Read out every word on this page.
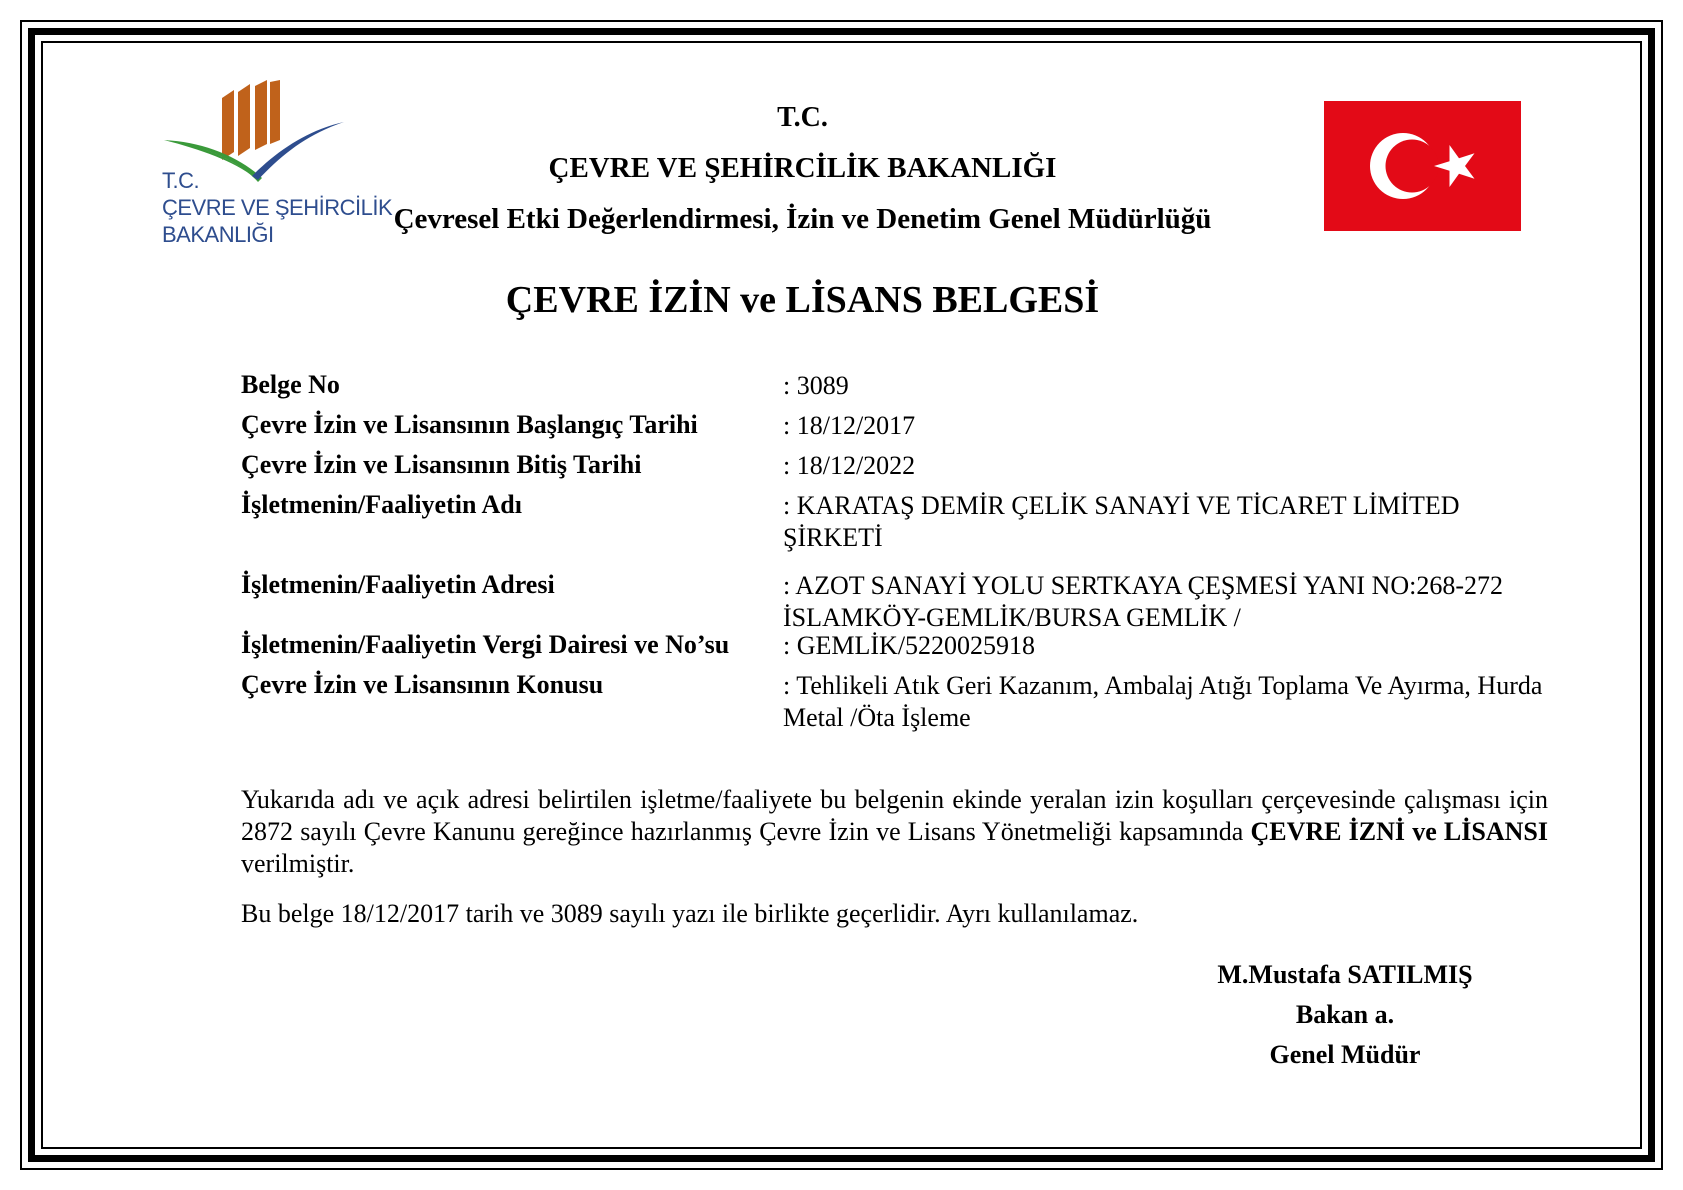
T.C.
ÇEVRE VE ŞEHİRCİLİK
BAKANLIĞI
T.C.
ÇEVRE VE ŞEHİRCİLİK BAKANLIĞI
Çevresel Etki Değerlendirmesi, İzin ve Denetim Genel Müdürlüğü
ÇEVRE İZİN ve LİSANS BELGESİ
Belge No	: 3089
Çevre İzin ve Lisansının Başlangıç Tarihi	: 18/12/2017
Çevre İzin ve Lisansının Bitiş Tarihi	: 18/12/2022
İşletmenin/Faaliyetin Adı	: KARATAŞ DEMİR ÇELİK SANAYİ VE TİCARET LİMİTED ŞİRKETİ
İşletmenin/Faaliyetin Adresi	: AZOT SANAYİ YOLU SERTKAYA ÇEŞMESİ YANI NO:268-272 İSLAMKÖY-GEMLİK/BURSA GEMLİK /
İşletmenin/Faaliyetin Vergi Dairesi ve No’su : GEMLİK/5220025918
Çevre İzin ve Lisansının Konusu	: Tehlikeli Atık Geri Kazanım, Ambalaj Atığı Toplama Ve Ayırma, Hurda Metal /Öta İşleme
Yukarıda adı ve açık adresi belirtilen işletme/faaliyete bu belgenin ekinde yeralan izin koşulları çerçevesinde çalışması için 2872 sayılı Çevre Kanunu gereğince hazırlanmış Çevre İzin ve Lisans Yönetmeliği kapsamında ÇEVRE İZNİ ve LİSANSI verilmiştir.
Bu belge 18/12/2017 tarih ve 3089 sayılı yazı ile birlikte geçerlidir. Ayrı kullanılamaz.
M.Mustafa SATILMIŞ
Bakan a.
Genel Müdür
